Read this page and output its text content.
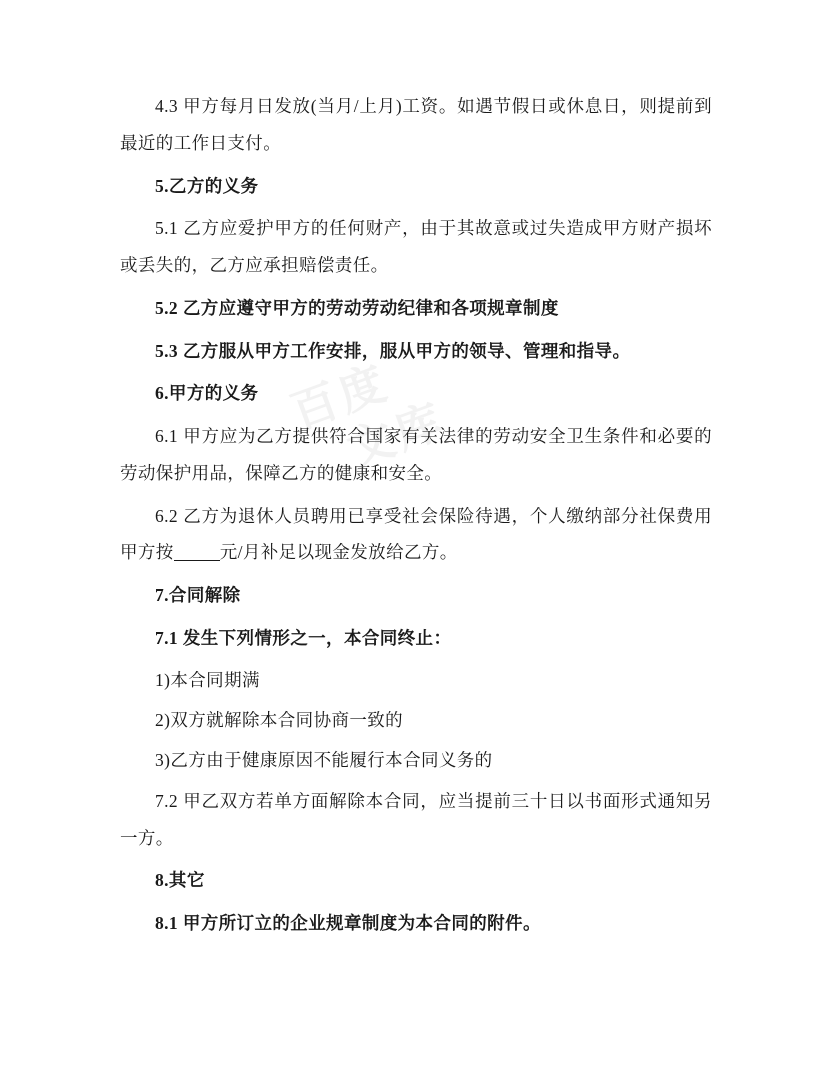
百度
文库

4.3 甲方每月日发放(当月/上月)工资。如遇节假日或休息日，则提前到最近的工作日支付。

5.乙方的义务

5.1 乙方应爱护甲方的任何财产，由于其故意或过失造成甲方财产损坏或丢失的，乙方应承担赔偿责任。

5.2 乙方应遵守甲方的劳动劳动纪律和各项规章制度

5.3 乙方服从甲方工作安排，服从甲方的领导、管理和指导。

6.甲方的义务

6.1 甲方应为乙方提供符合国家有关法律的劳动安全卫生条件和必要的劳动保护用品，保障乙方的健康和安全。

6.2 乙方为退休人员聘用已享受社会保险待遇，个人缴纳部分社保费用甲方按	元/月补足以现金发放给乙方。

7.合同解除

7.1 发生下列情形之一，本合同终止：

1)本合同期满

2)双方就解除本合同协商一致的

3)乙方由于健康原因不能履行本合同义务的

7.2 甲乙双方若单方面解除本合同，应当提前三十日以书面形式通知另一方。

8.其它

8.1 甲方所订立的企业规章制度为本合同的附件。
